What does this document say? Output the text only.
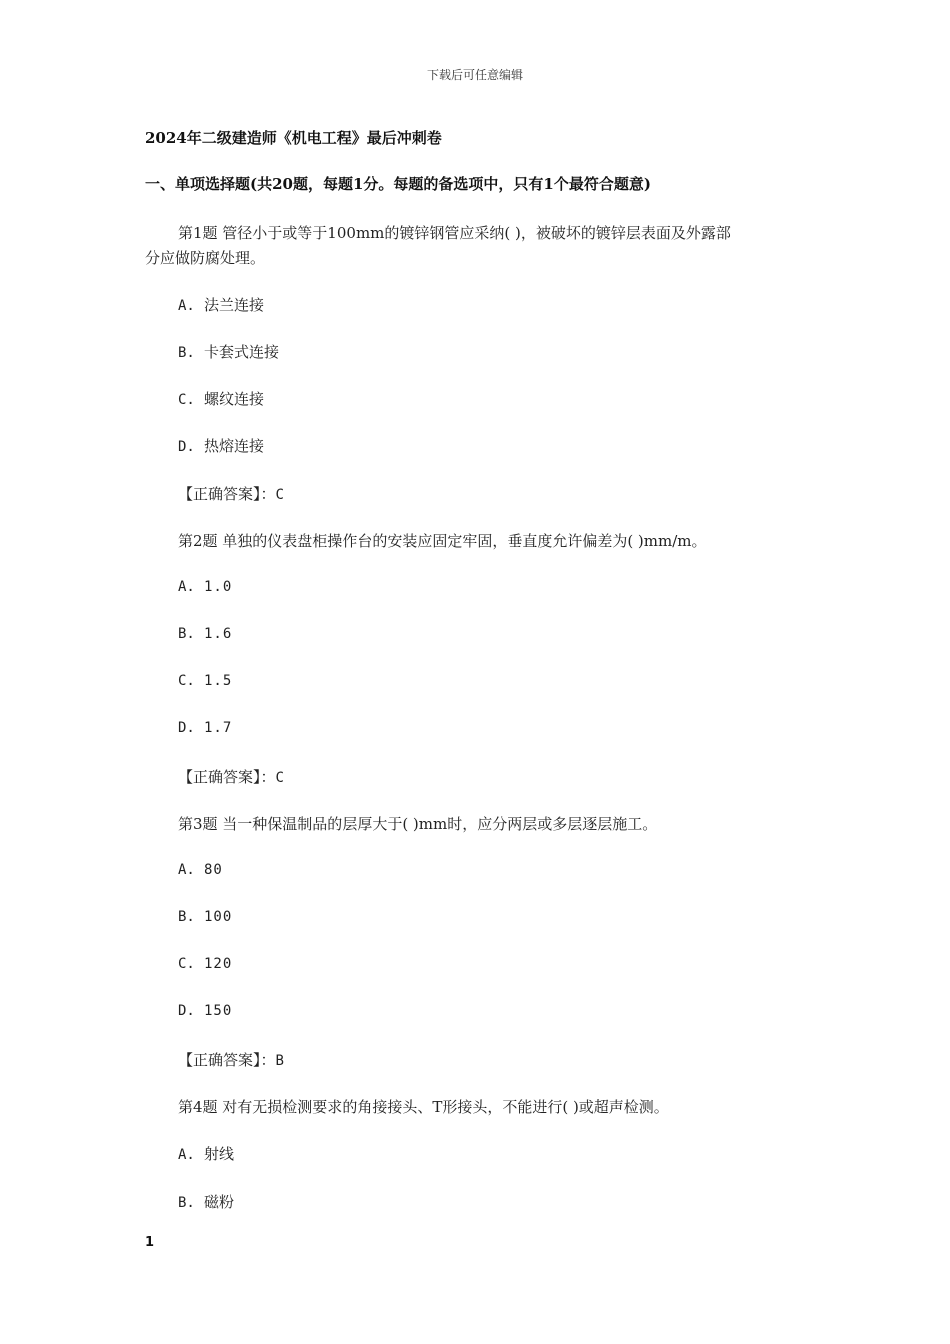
下载后可任意编辑
2024年二级建造师《机电工程》最后冲刺卷
一、单项选择题(共20题，每题1分。每题的备选项中，只有1个最符合题意)
第1题 管径小于或等于100mm的镀锌钢管应采纳( )，被破坏的镀锌层表面及外露部
分应做防腐处理。
A. 法兰连接
B. 卡套式连接
C. 螺纹连接
D. 热熔连接
【正确答案】：C
第2题 单独的仪表盘柜操作台的安装应固定牢固，垂直度允许偏差为( )mm/m。
A. 1.0
B. 1.6
C. 1.5
D. 1.7
【正确答案】：C
第3题 当一种保温制品的层厚大于( )mm时，应分两层或多层逐层施工。
A. 80
B. 100
C. 120
D. 150
【正确答案】：B
第4题 对有无损检测要求的角接接头、T形接头，不能进行( )或超声检测。
A. 射线
B. 磁粉
1
